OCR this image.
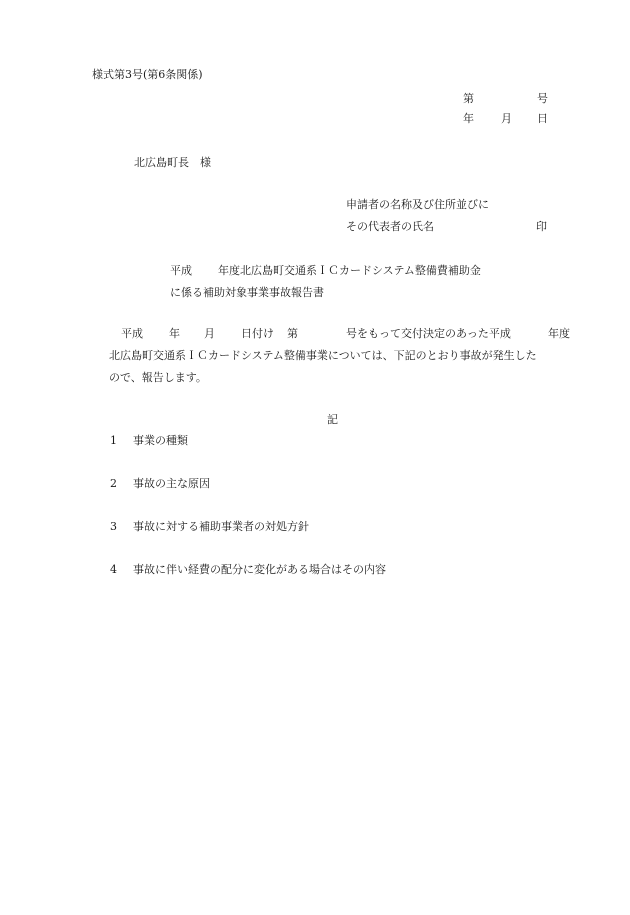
様式第3号(第6条関係)
第	号
年 月 日
北広島町長　様
申請者の名称及び住所並びに
その代表者の氏名	印
平成 年度北広島町交通系ＩＣカードシステム整備費補助金
に係る補助対象事業事故報告書
平成 年 月 日付け 第	号をもって交付決定のあった平成	年度
北広島町交通系ＩＣカードシステム整備事業については、下記のとおり事故が発生した
ので、報告します。
記
1 事業の種類
2 事故の主な原因
3 事故に対する補助事業者の対処方針
4 事故に伴い経費の配分に変化がある場合はその内容
